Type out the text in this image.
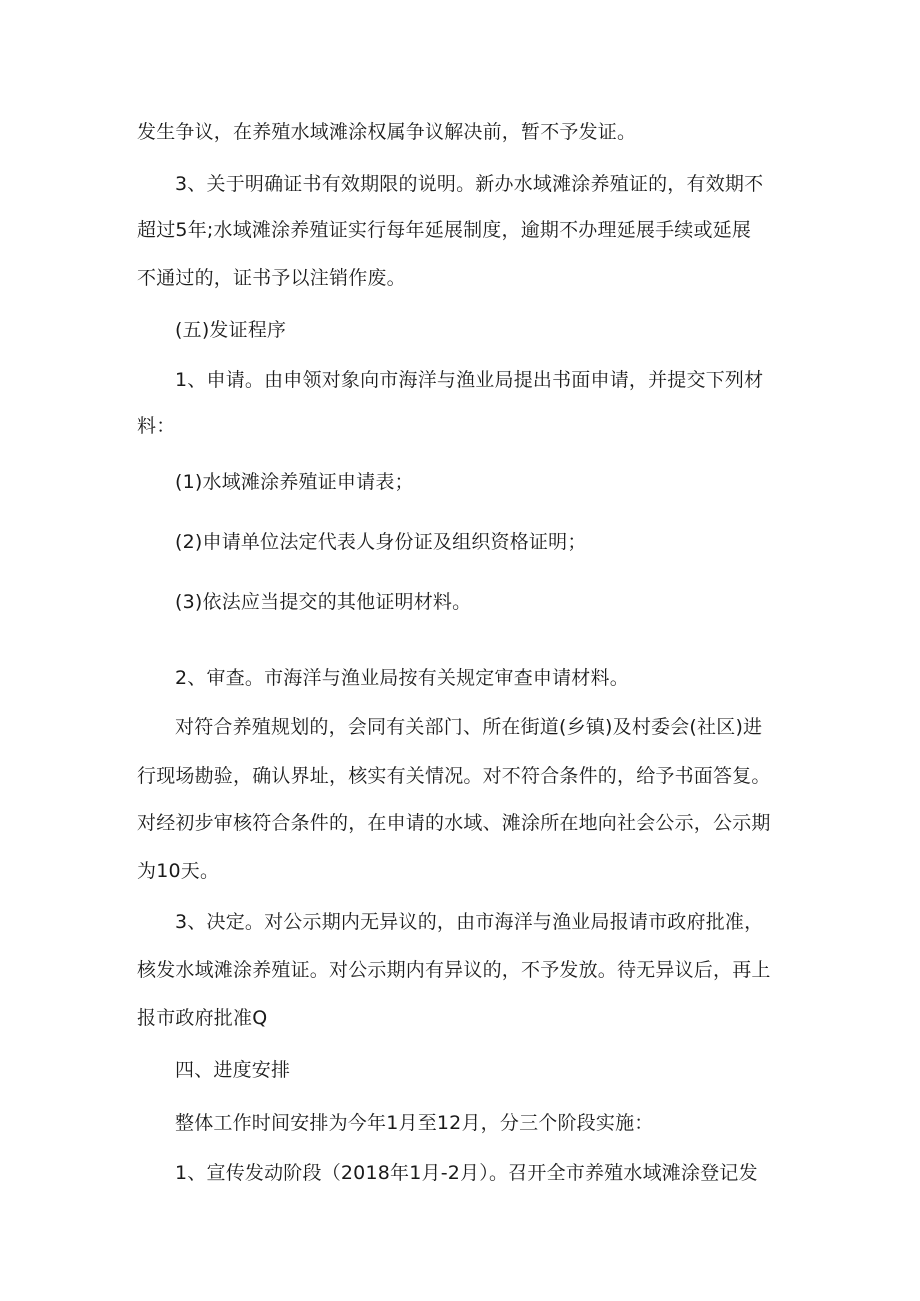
发生争议，在养殖水域滩涂权属争议解决前，暂不予发证。

3、关于明确证书有效期限的说明。新办水域滩涂养殖证的，有效期不

超过5年;水域滩涂养殖证实行每年延展制度，逾期不办理延展手续或延展

不通过的，证书予以注销作废。

(五)发证程序

1、申请。由申领对象向市海洋与渔业局提出书面申请，并提交下列材

料：

(1)水域滩涂养殖证申请表；

(2)申请单位法定代表人身份证及组织资格证明；

(3)依法应当提交的其他证明材料。

2、审查。市海洋与渔业局按有关规定审查申请材料。

对符合养殖规划的，会同有关部门、所在街道(乡镇)及村委会(社区)进

行现场勘验，确认界址，核实有关情况。对不符合条件的，给予书面答复。

对经初步审核符合条件的，在申请的水域、滩涂所在地向社会公示，公示期

为10天。

3、决定。对公示期内无异议的，由市海洋与渔业局报请市政府批准，

核发水域滩涂养殖证。对公示期内有异议的，不予发放。待无异议后，再上

报市政府批准Q

四、进度安排

整体工作时间安排为今年1月至12月，分三个阶段实施：

1、宣传发动阶段（2018年1月-2月）。召开全市养殖水域滩涂登记发
